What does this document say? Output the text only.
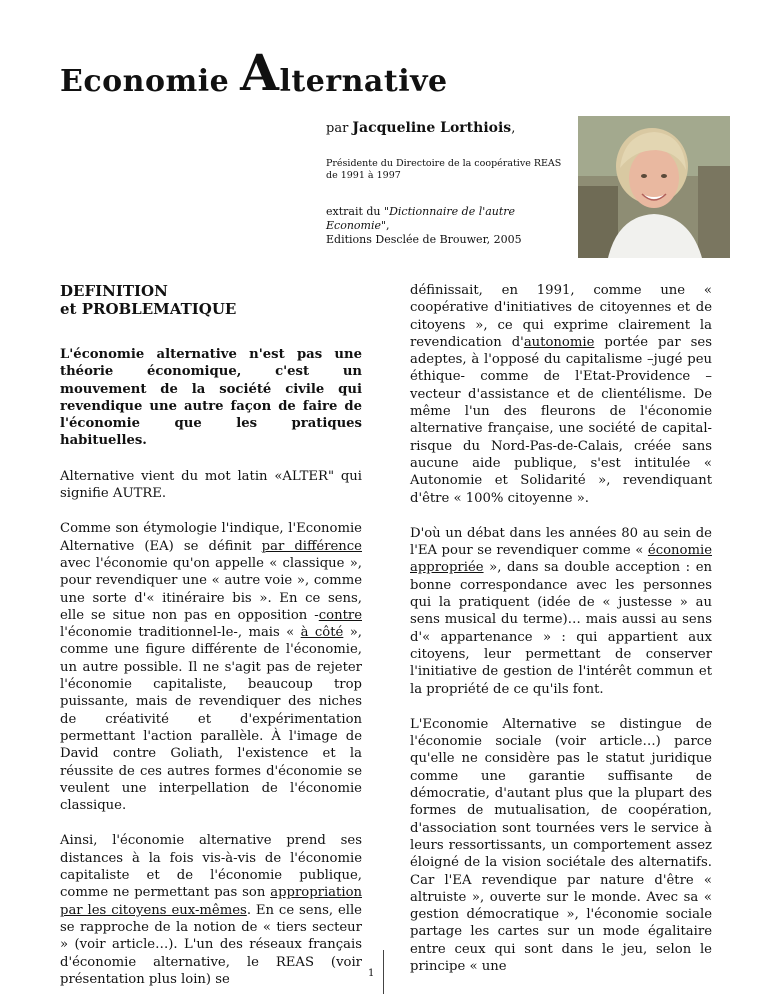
Economie Alternative
par Jacqueline Lorthiois,
Présidente du Directoire de la coopérative REAS de 1991 à 1997
extrait du "Dictionnaire de l'autre Economie",
Editions Desclée de Brouwer, 2005
DEFINITION
et PROBLEMATIQUE

L'économie alternative n'est pas une théorie économique, c'est un mouvement de la société civile qui revendique une autre façon de faire de l'économie que les pratiques habituelles.

Alternative vient du mot latin «ALTER" qui signifie AUTRE.

Comme son étymologie l'indique, l'Economie Alternative (EA) se définit par différence avec l'économie qu'on appelle « classique », pour revendiquer une « autre voie », comme une sorte d'« itinéraire bis ». En ce sens, elle se situe non pas en opposition -contre l'économie traditionnel-le-, mais « à côté », comme une figure différente de l'économie, un autre possible. Il ne s'agit pas de rejeter l'économie capitaliste, beaucoup trop puissante, mais de revendiquer des niches de créativité et d'expérimentation permettant l'action parallèle. À l'image de David contre Goliath, l'existence et la réussite de ces autres formes d'économie se veulent une interpellation de l'économie classique.

Ainsi, l'économie alternative prend ses distances à la fois vis-à-vis de l'économie capitaliste et de l'économie publique, comme ne permettant pas son appropriation par les citoyens eux-mêmes. En ce sens, elle se rapproche de la notion de « tiers secteur » (voir article…). L'un des réseaux français d'économie alternative, le REAS (voir présentation plus loin) se

définissait, en 1991, comme une « coopérative d'initiatives de citoyennes et de citoyens », ce qui exprime clairement la revendication d'autonomie portée par ses adeptes, à l'opposé du capitalisme –jugé peu éthique- comme de l'Etat-Providence – vecteur d'assistance et de clientélisme. De même l'un des fleurons de l'économie alternative française, une société de capital-risque du Nord-Pas-de-Calais, créée sans aucune aide publique, s'est intitulée « Autonomie et Solidarité », revendiquant d'être « 100% citoyenne ».

D'où un débat dans les années 80 au sein de l'EA pour se revendiquer comme « économie appropriée », dans sa double acception : en bonne correspondance avec les personnes qui la pratiquent (idée de « justesse » au sens musical du terme)… mais aussi au sens d'« appartenance » : qui appartient aux citoyens, leur permettant de conserver l'initiative de gestion de l'intérêt commun et la propriété de ce qu'ils font.

L'Economie Alternative se distingue de l'économie sociale (voir article…) parce qu'elle ne considère pas le statut juridique comme une garantie suffisante de démocratie, d'autant plus que la plupart des formes de mutualisation, de coopération, d'association sont tournées vers le service à leurs ressortissants, un comportement assez éloigné de la vision sociétale des alternatifs. Car l'EA revendique par nature d'être « altruiste », ouverte sur le monde. Avec sa « gestion démocratique », l'économie sociale partage les cartes sur un mode égalitaire entre ceux qui sont dans le jeu, selon le principe « une

1
